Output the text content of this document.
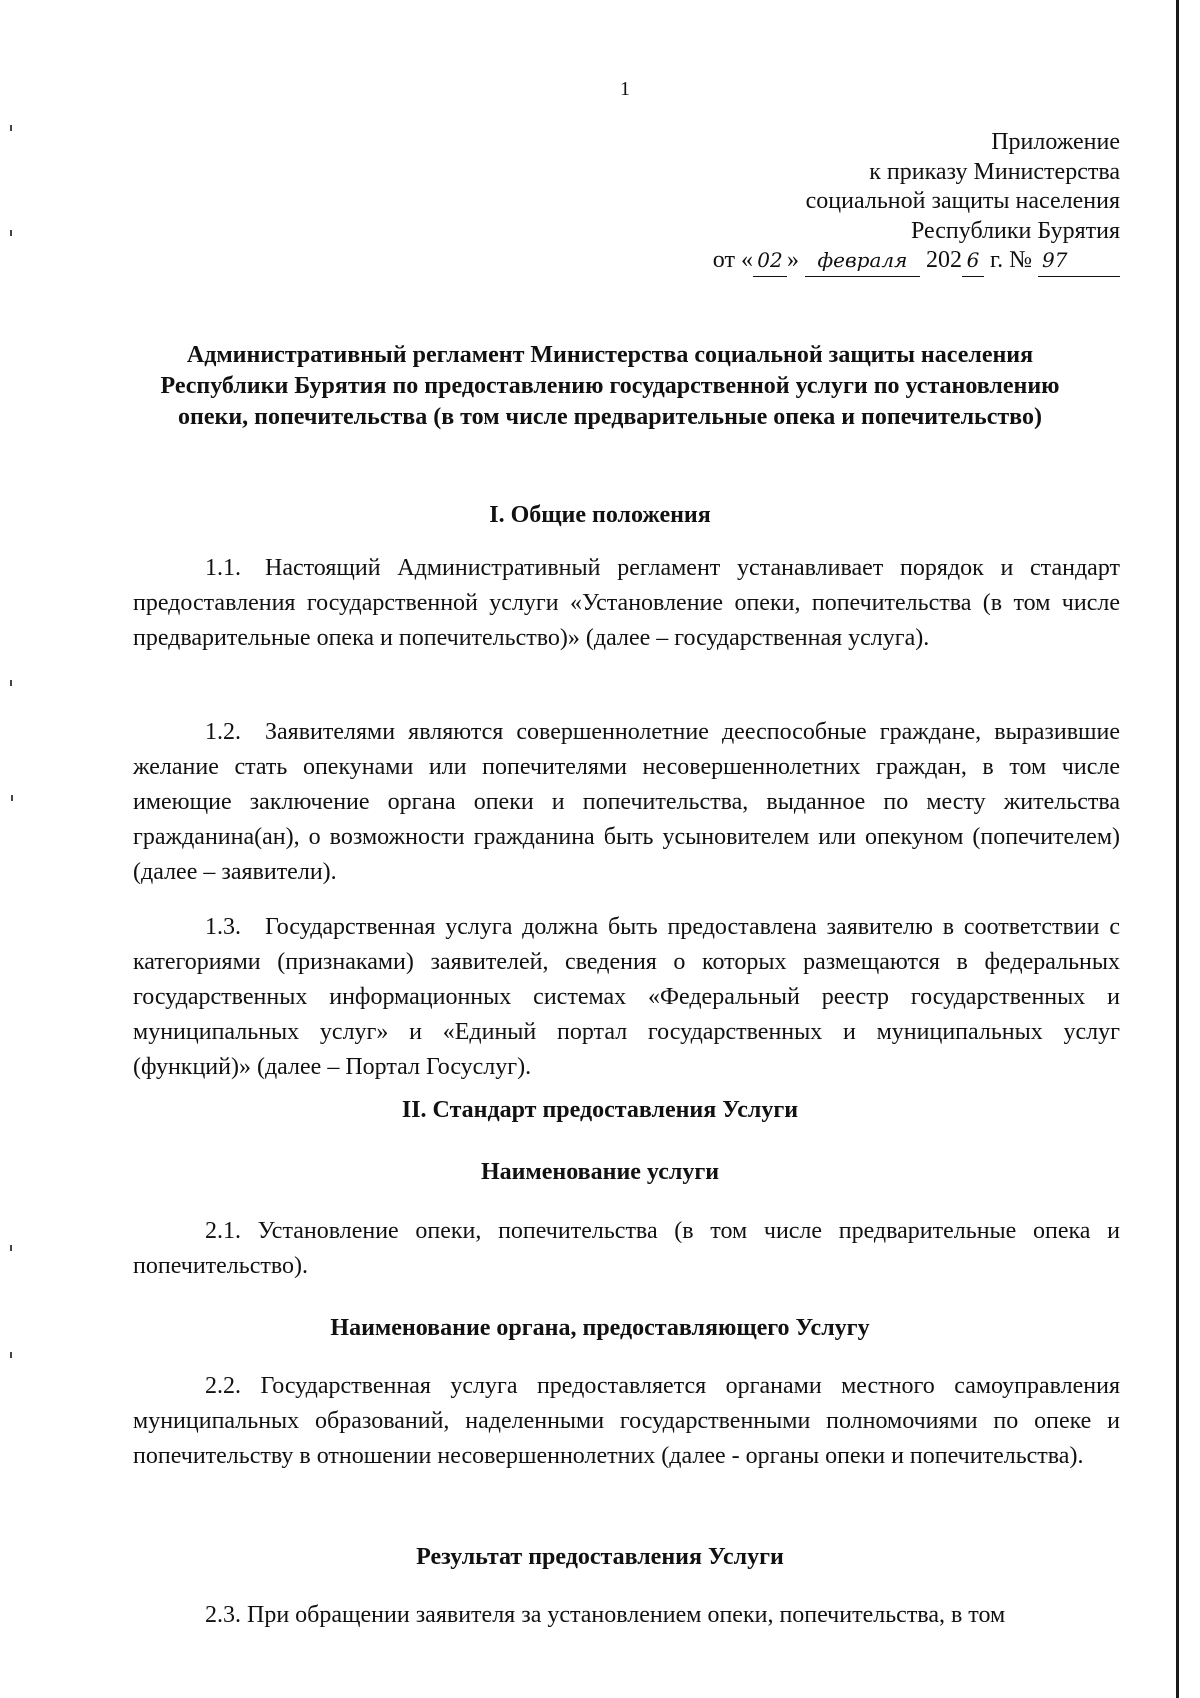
1
Приложение
к приказу Министерства
социальной защиты населения
Республики Бурятия
от « 02 » февраля 202 6 г. № 97
Административный регламент Министерства социальной защиты населения Республики Бурятия по предоставлению государственной услуги по установлению опеки, попечительства (в том числе предварительные опека и попечительство)
I. Общие положения
1.1. Настоящий Административный регламент устанавливает порядок и стандарт предоставления государственной услуги «Установление опеки, попечительства (в том числе предварительные опека и попечительство)» (далее – государственная услуга).
1.2. Заявителями являются совершеннолетние дееспособные граждане, выразившие желание стать опекунами или попечителями несовершеннолетних граждан, в том числе имеющие заключение органа опеки и попечительства, выданное по месту жительства гражданина(ан), о возможности гражданина быть усыновителем или опекуном (попечителем) (далее – заявители).
1.3. Государственная услуга должна быть предоставлена заявителю в соответствии с категориями (признаками) заявителей, сведения о которых размещаются в федеральных государственных информационных системах «Федеральный реестр государственных и муниципальных услуг» и «Единый портал государственных и муниципальных услуг (функций)» (далее – Портал Госуслуг).
II. Стандарт предоставления Услуги
Наименование услуги
2.1. Установление опеки, попечительства (в том числе предварительные опека и попечительство).
Наименование органа, предоставляющего Услугу
2.2. Государственная услуга предоставляется органами местного самоуправления муниципальных образований, наделенными государственными полномочиями по опеке и попечительству в отношении несовершеннолетних (далее - органы опеки и попечительства).
Результат предоставления Услуги
2.3. При обращении заявителя за установлением опеки, попечительства, в том
